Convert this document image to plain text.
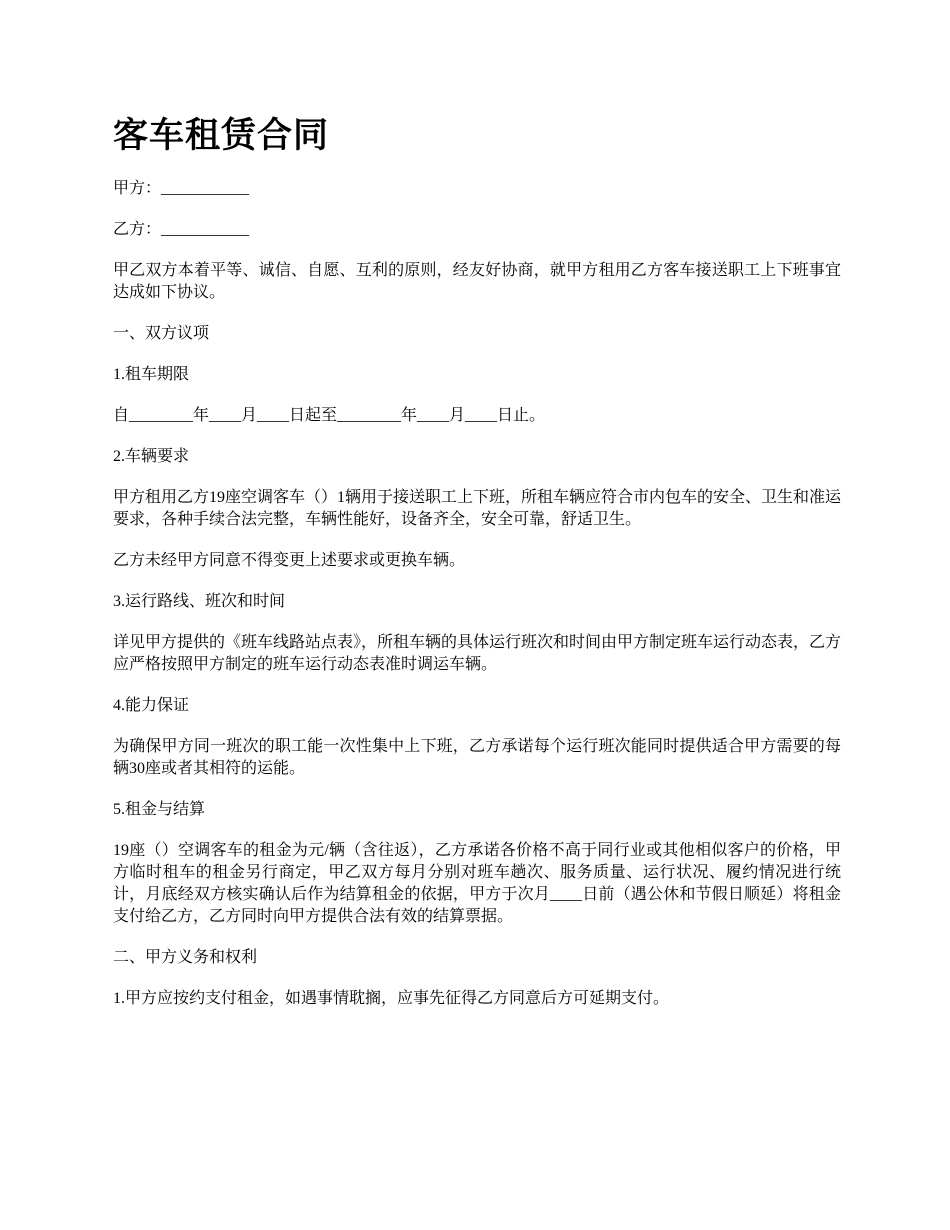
客车租赁合同

甲方：___________

乙方：___________

甲乙双方本着平等、诚信、自愿、互利的原则，经友好协商，就甲方租用乙方客车接送职工上下班事宜达成如下协议。

一、双方议项

1.租车期限

自________年____月____日起至________年____月____日止。

2.车辆要求

甲方租用乙方19座空调客车（）1辆用于接送职工上下班，所租车辆应符合市内包车的安全、卫生和准运要求，各种手续合法完整，车辆性能好，设备齐全，安全可靠，舒适卫生。

乙方未经甲方同意不得变更上述要求或更换车辆。

3.运行路线、班次和时间

详见甲方提供的《班车线路站点表》，所租车辆的具体运行班次和时间由甲方制定班车运行动态表，乙方应严格按照甲方制定的班车运行动态表准时调运车辆。

4.能力保证

为确保甲方同一班次的职工能一次性集中上下班，乙方承诺每个运行班次能同时提供适合甲方需要的每辆30座或者其相符的运能。

5.租金与结算

19座（）空调客车的租金为元/辆（含往返），乙方承诺各价格不高于同行业或其他相似客户的价格，甲方临时租车的租金另行商定，甲乙双方每月分别对班车趟次、服务质量、运行状况、履约情况进行统计，月底经双方核实确认后作为结算租金的依据，甲方于次月____日前（遇公休和节假日顺延）将租金支付给乙方，乙方同时向甲方提供合法有效的结算票据。

二、甲方义务和权利

1.甲方应按约支付租金，如遇事情耽搁，应事先征得乙方同意后方可延期支付。
